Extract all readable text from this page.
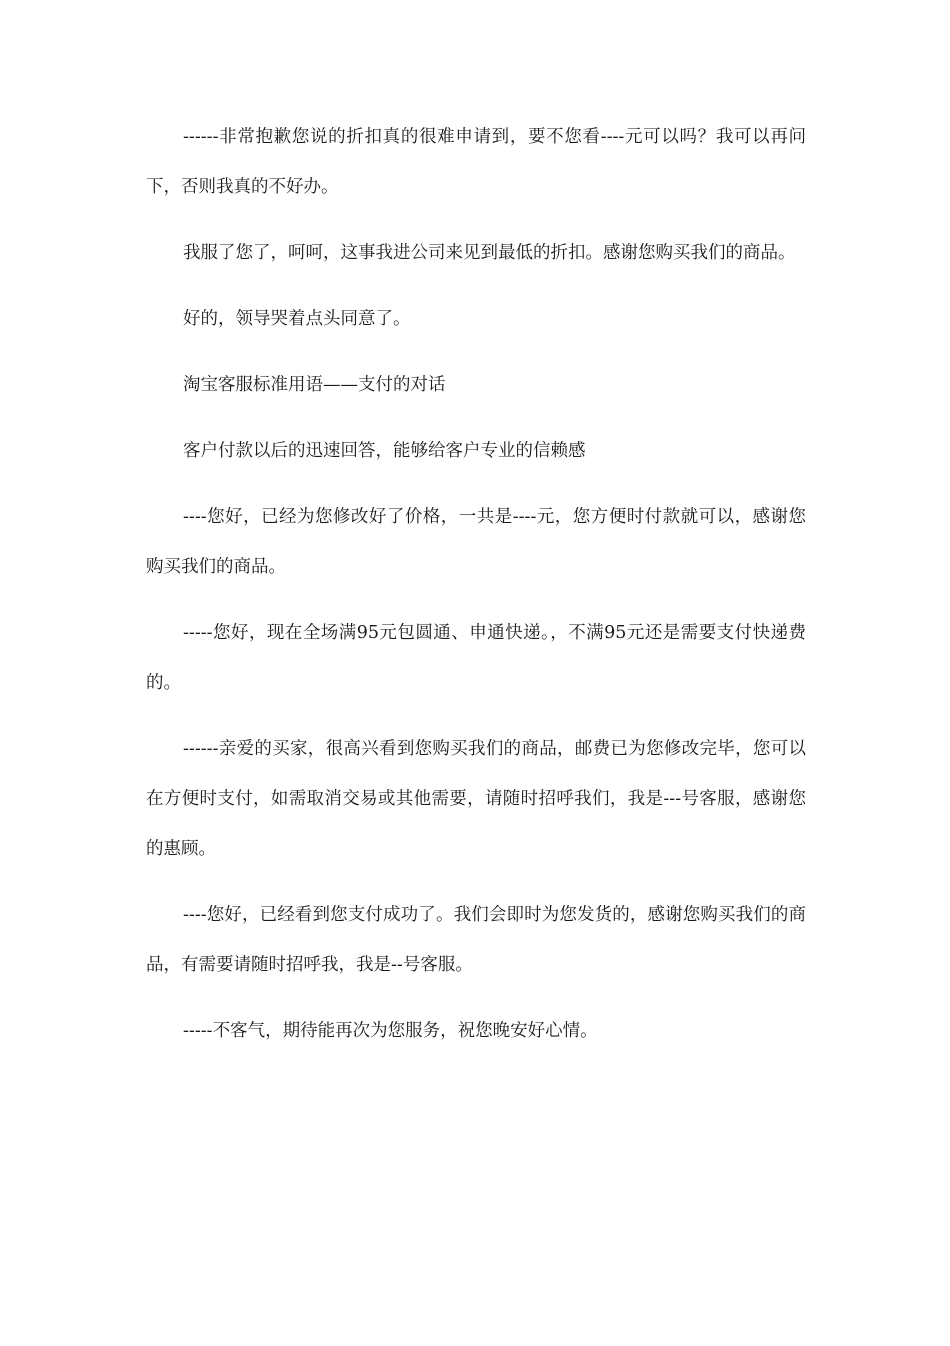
------非常抱歉您说的折扣真的很难申请到，要不您看----元可以吗？我可以再问下，否则我真的不好办。

我服了您了，呵呵，这事我进公司来见到最低的折扣。感谢您购买我们的商品。

好的，领导哭着点头同意了。

淘宝客服标准用语——支付的对话

客户付款以后的迅速回答，能够给客户专业的信赖感

----您好，已经为您修改好了价格，一共是----元，您方便时付款就可以，感谢您购买我们的商品。

-----您好，现在全场满95元包圆通、申通快递。，不满95元还是需要支付快递费的。

------亲爱的买家，很高兴看到您购买我们的商品，邮费已为您修改完毕，您可以在方便时支付，如需取消交易或其他需要，请随时招呼我们，我是---号客服，感谢您的惠顾。

----您好，已经看到您支付成功了。我们会即时为您发货的，感谢您购买我们的商品，有需要请随时招呼我，我是--号客服。

-----不客气，期待能再次为您服务，祝您晚安好心情。
